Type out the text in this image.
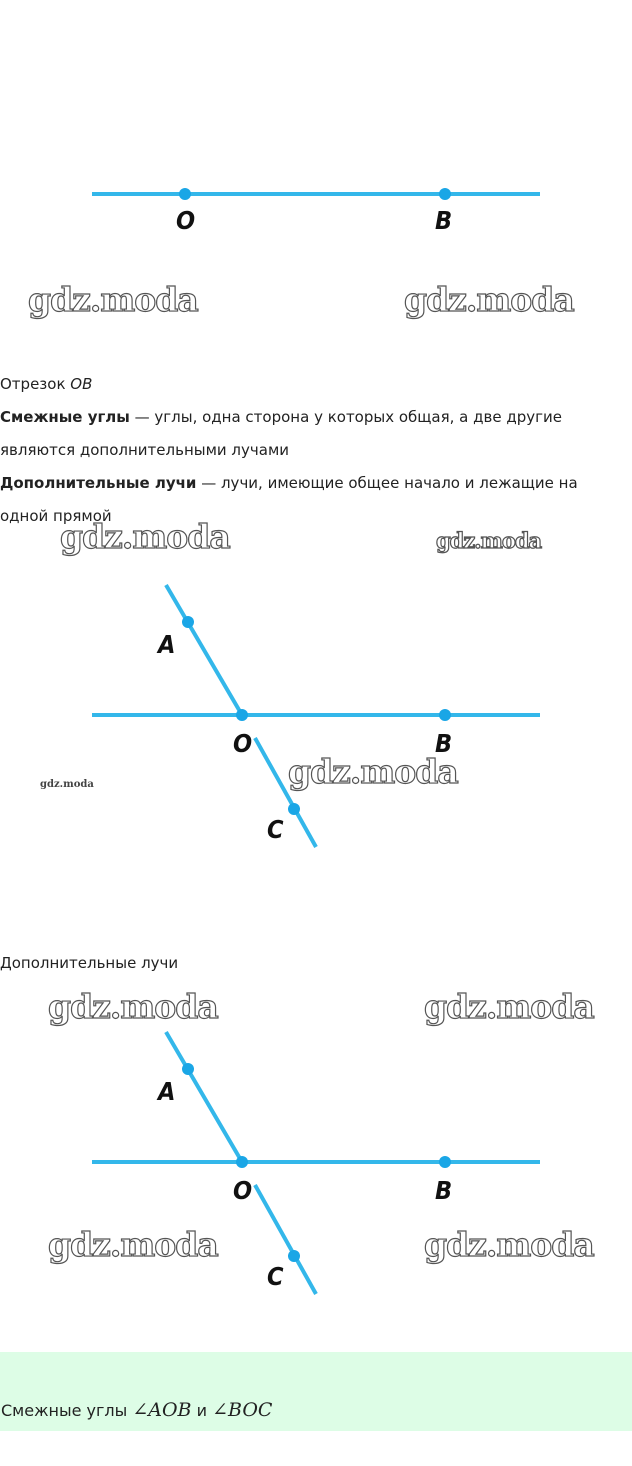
O	B
gdz.moda	gdz.moda
Отрезок OB
Смежные углы — углы, одна сторона у которых общая, а две другие являются дополнительными лучами
Дополнительные лучи — лучи, имеющие общее начало и лежащие на одной прямой
gdz.moda	gdz.moda
A
O	B
C
gdz.moda
gdz.moda
Дополнительные лучи
gdz.moda	gdz.moda
A
O	B
C
gdz.moda	gdz.moda
Смежные углы ∠AOB и ∠BOC
